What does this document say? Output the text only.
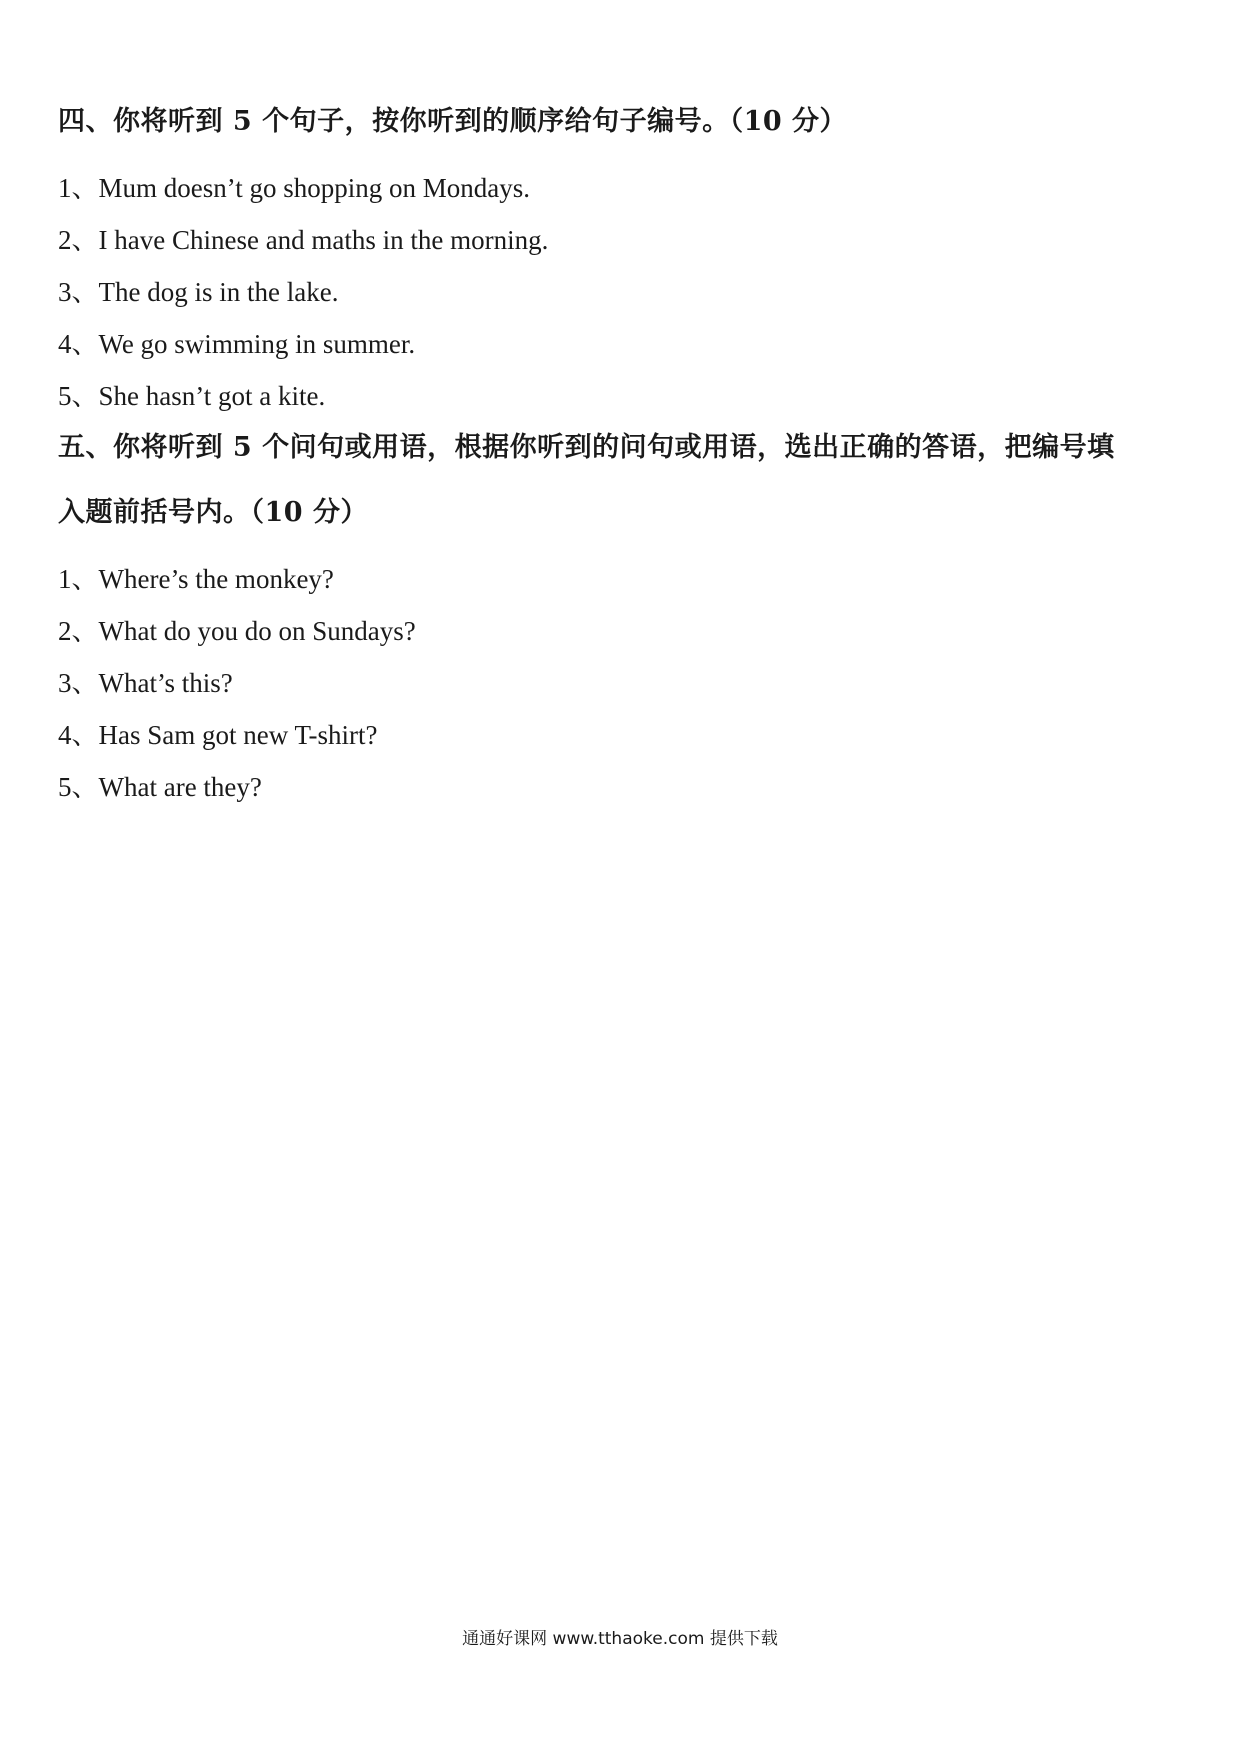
四、你将听到 5 个句子，按你听到的顺序给句子编号。（10 分）
1、Mum doesn’t go shopping on Mondays.
2、I have Chinese and maths in the morning.
3、The dog is in the lake.
4、We go swimming in summer.
5、She hasn’t got a kite.
五、你将听到 5 个问句或用语，根据你听到的问句或用语，选出正确的答语，把编号填
入题前括号内。（10 分）
1、Where’s the monkey?
2、What do you do on Sundays?
3、What’s this?
4、Has Sam got new T-shirt?
5、What are they?
通通好课网 www.tthaoke.com 提供下载
